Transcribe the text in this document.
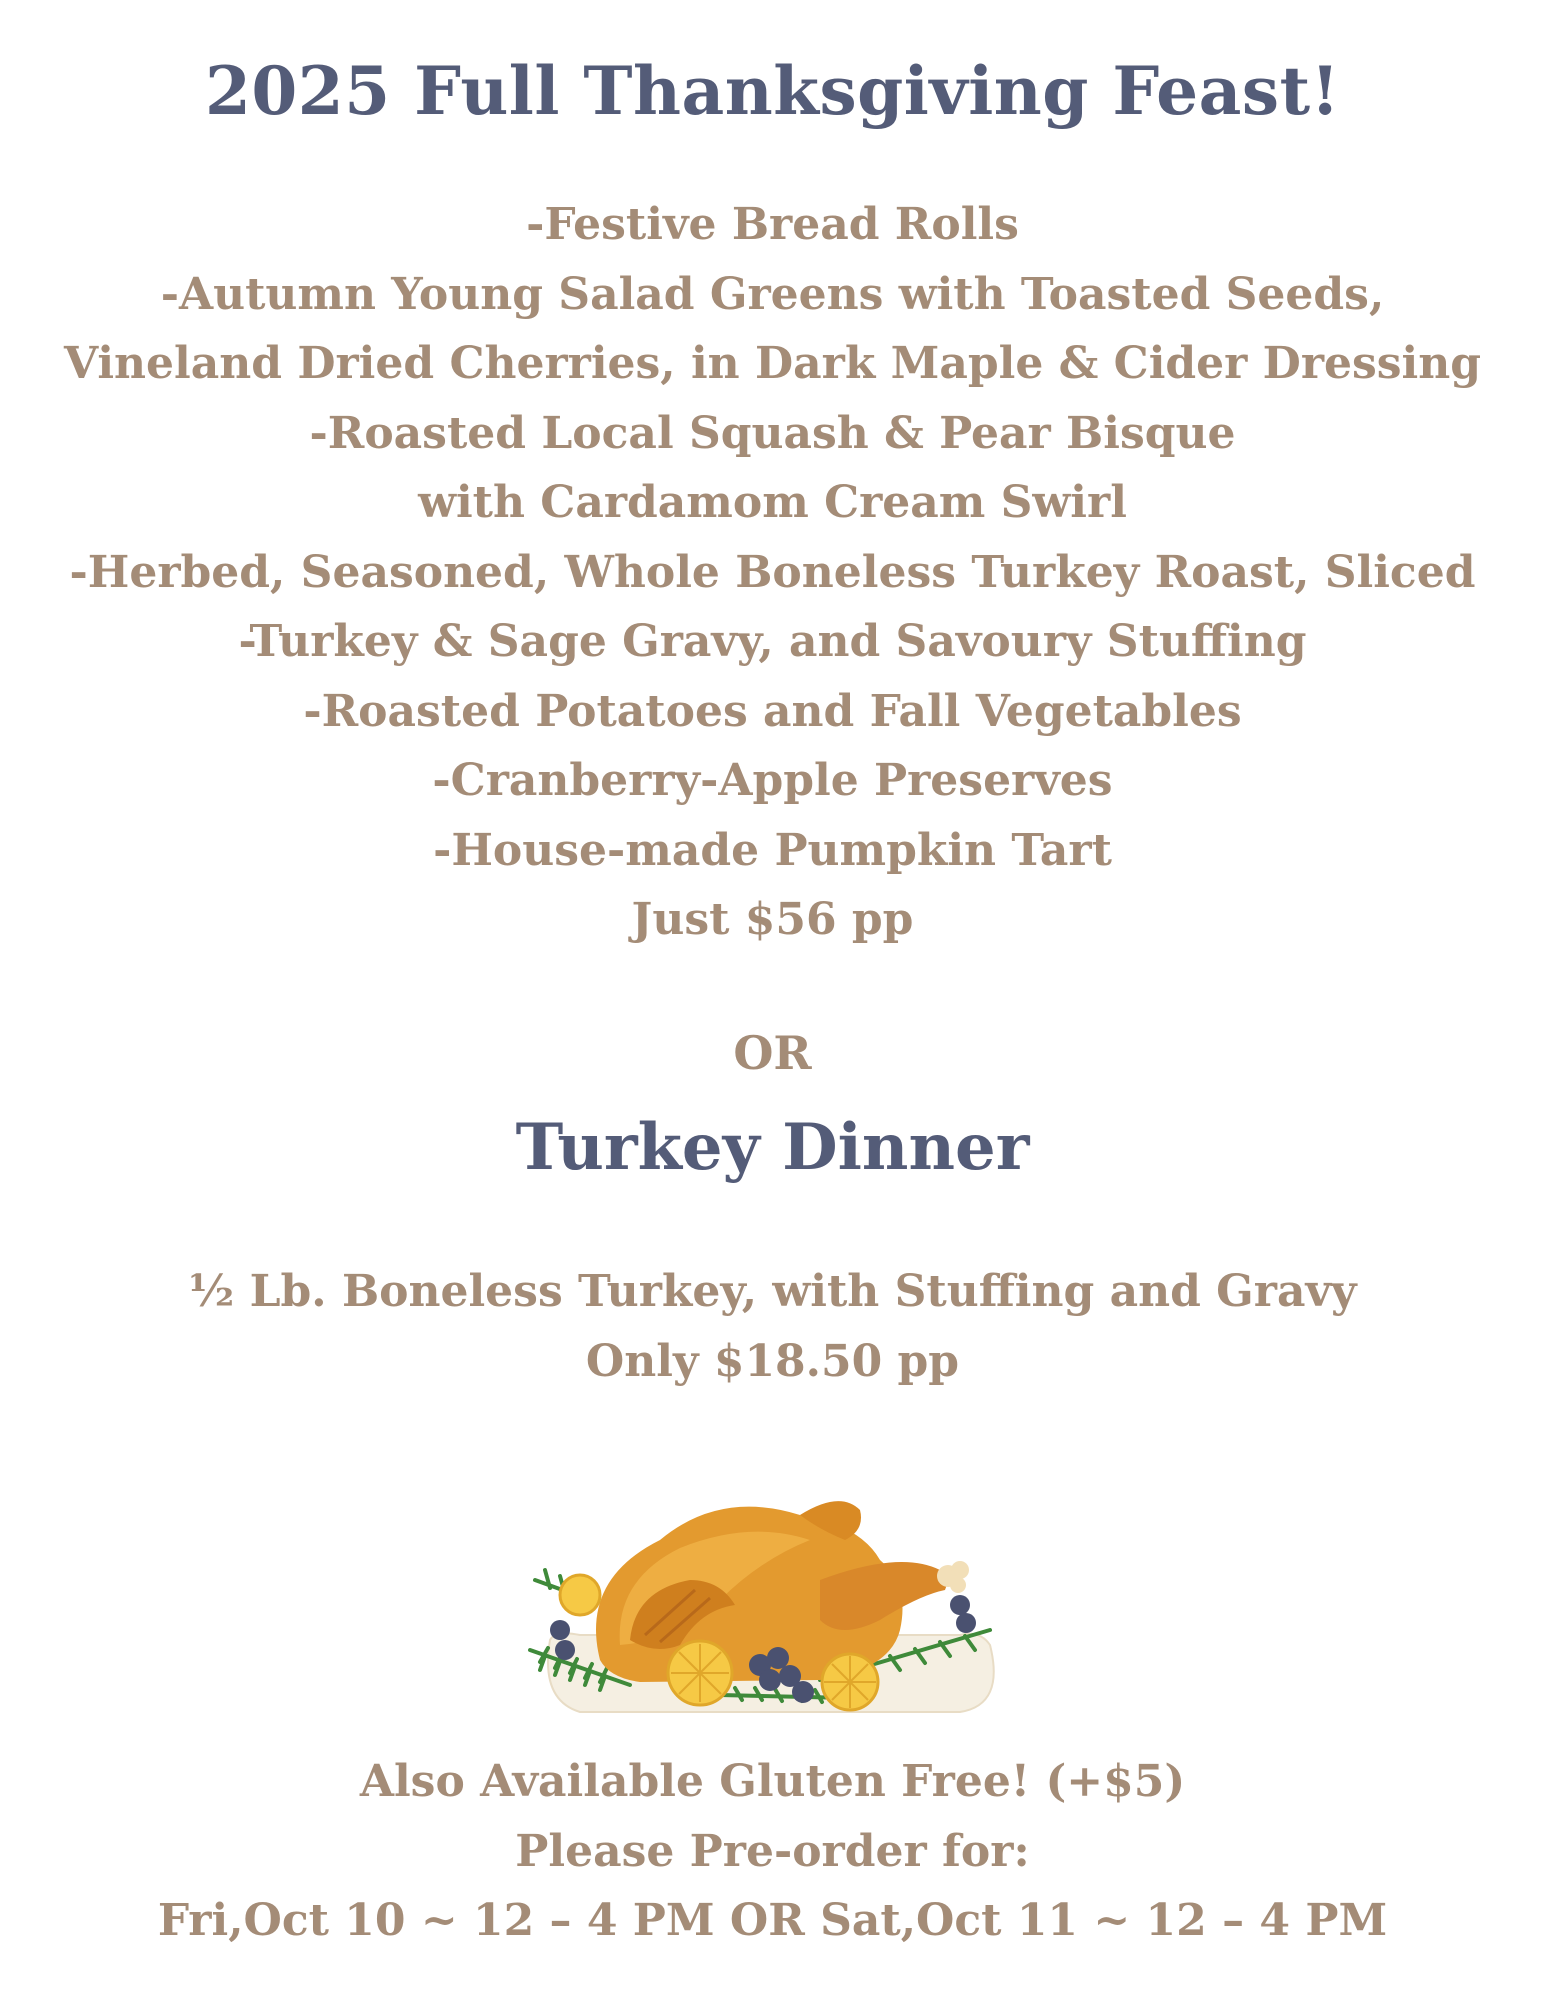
2025 Full Thanksgiving Feast!
-Festive Bread Rolls
-Autumn Young Salad Greens with Toasted Seeds,
Vineland Dried Cherries, in Dark Maple & Cider Dressing
-Roasted Local Squash & Pear Bisque
with Cardamom Cream Swirl
-Herbed, Seasoned, Whole Boneless Turkey Roast, Sliced
-Turkey & Sage Gravy, and Savoury Stuffing
-Roasted Potatoes and Fall Vegetables
-Cranberry-Apple Preserves
-House-made Pumpkin Tart
Just $56 pp
OR
Turkey Dinner
½ Lb. Boneless Turkey, with Stuffing and Gravy
Only $18.50 pp
Also Available Gluten Free! (+$5)
Please Pre-order for:
Fri,Oct 10 ~ 12 – 4 PM OR Sat,Oct 11 ~ 12 – 4 PM
